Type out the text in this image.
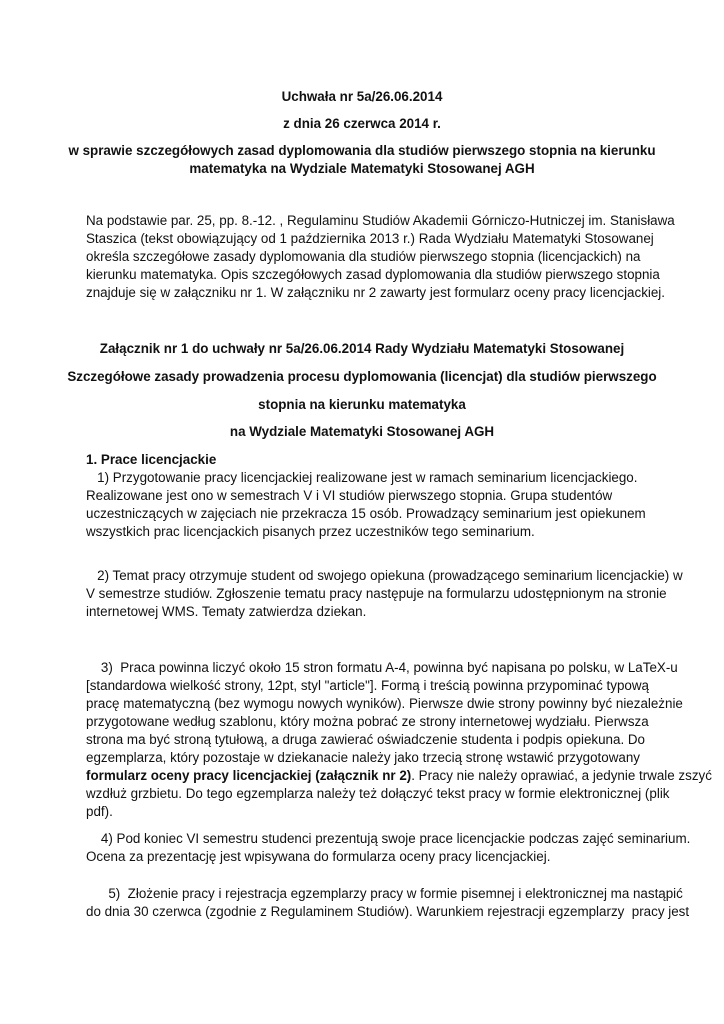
Uchwała nr 5a/26.06.2014
z dnia 26 czerwca 2014 r.
w sprawie szczegółowych zasad dyplomowania dla studiów pierwszego stopnia na kierunku
matematyka na Wydziale Matematyki Stosowanej AGH
Na podstawie par. 25, pp. 8.-12. , Regulaminu Studiów Akademii Górniczo-Hutniczej im. Stanisława
Staszica (tekst obowiązujący od 1 października 2013 r.) Rada Wydziału Matematyki Stosowanej
określa szczegółowe zasady dyplomowania dla studiów pierwszego stopnia (licencjackich) na
kierunku matematyka. Opis szczegółowych zasad dyplomowania dla studiów pierwszego stopnia
znajduje się w załączniku nr 1. W załączniku nr 2 zawarty jest formularz oceny pracy licencjackiej.
Załącznik nr 1 do uchwały nr 5a/26.06.2014 Rady Wydziału Matematyki Stosowanej
Szczegółowe zasady prowadzenia procesu dyplomowania (licencjat) dla studiów pierwszego
stopnia na kierunku matematyka
na Wydziale Matematyki Stosowanej AGH
1. Prace licencjackie
1) Przygotowanie pracy licencjackiej realizowane jest w ramach seminarium licencjackiego.
Realizowane jest ono w semestrach V i VI studiów pierwszego stopnia. Grupa studentów
uczestniczących w zajęciach nie przekracza 15 osób. Prowadzący seminarium jest opiekunem
wszystkich prac licencjackich pisanych przez uczestników tego seminarium.
2) Temat pracy otrzymuje student od swojego opiekuna (prowadzącego seminarium licencjackie) w
V semestrze studiów. Zgłoszenie tematu pracy następuje na formularzu udostępnionym na stronie
internetowej WMS. Tematy zatwierdza dziekan.
3)  Praca powinna liczyć około 15 stron formatu A-4, powinna być napisana po polsku, w LaTeX-u
[standardowa wielkość strony, 12pt, styl "article"]. Formą i treścią powinna przypominać typową
pracę matematyczną (bez wymogu nowych wyników). Pierwsze dwie strony powinny być niezależnie
przygotowane według szablonu, który można pobrać ze strony internetowej wydziału. Pierwsza
strona ma być stroną tytułową, a druga zawierać oświadczenie studenta i podpis opiekuna. Do
egzemplarza, który pozostaje w dziekanacie należy jako trzecią stronę wstawić przygotowany
formularz oceny pracy licencjackiej (załącznik nr 2) . Pracy nie należy oprawiać, a jedynie trwale zszyć
wzdłuż grzbietu. Do tego egzemplarza należy też dołączyć tekst pracy w formie elektronicznej (plik
pdf).
4) Pod koniec VI semestru studenci prezentują swoje prace licencjackie podczas zajęć seminarium.
Ocena za prezentację jest wpisywana do formularza oceny pracy licencjackiej.
5)  Złożenie pracy i rejestracja egzemplarzy pracy w formie pisemnej i elektronicznej ma nastąpić
do dnia 30 czerwca (zgodnie z Regulaminem Studiów). Warunkiem rejestracji egzemplarzy  pracy jest
